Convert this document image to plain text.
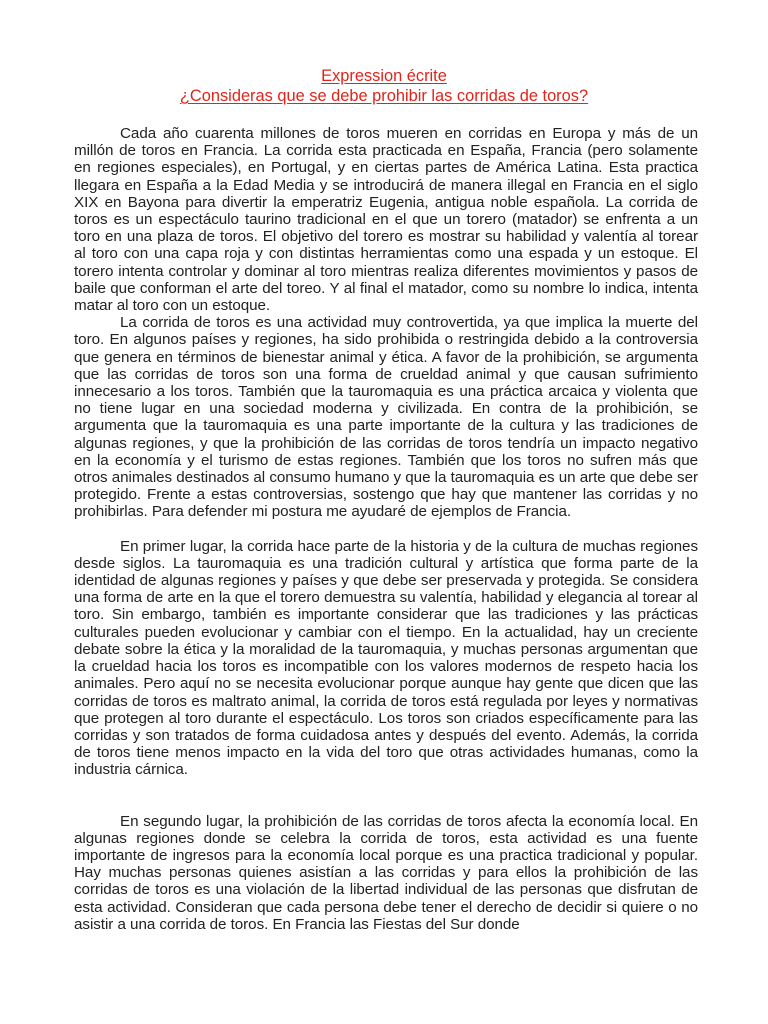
Expression écrite

¿Consideras que se debe prohibir las corridas de toros?

Cada año cuarenta millones de toros mueren en corridas en Europa y más de un millón de toros en Francia. La corrida esta practicada en España, Francia (pero solamente en regiones especiales), en Portugal, y en ciertas partes de América Latina. Esta practica llegara en España a la Edad Media y se introducirá de manera illegal en Francia en el siglo XIX en Bayona para divertir la emperatriz Eugenia, antigua noble española. La corrida de toros es un espectáculo taurino tradicional en el que un torero (matador) se enfrenta a un toro en una plaza de toros. El objetivo del torero es mostrar su habilidad y valentía al torear al toro con una capa roja y con distintas herramientas como una espada y un estoque. El torero intenta controlar y dominar al toro mientras realiza diferentes movimientos y pasos de baile que conforman el arte del toreo. Y al final el matador, como su nombre lo indica, intenta matar al toro con un estoque.

La corrida de toros es una actividad muy controvertida, ya que implica la muerte del toro. En algunos países y regiones, ha sido prohibida o restringida debido a la controversia que genera en términos de bienestar animal y ética. A favor de la prohibición, se argumenta que las corridas de toros son una forma de crueldad animal y que causan sufrimiento innecesario a los toros. También que la tauromaquia es una práctica arcaica y violenta que no tiene lugar en una sociedad moderna y civilizada. En contra de la prohibición, se argumenta que la tauromaquia es una parte importante de la cultura y las tradiciones de algunas regiones, y que la prohibición de las corridas de toros tendría un impacto negativo en la economía y el turismo de estas regiones. También que los toros no sufren más que otros animales destinados al consumo humano y que la tauromaquia es un arte que debe ser protegido. Frente a estas controversias, sostengo que hay que mantener las corridas y no prohibirlas. Para defender mi postura me ayudaré de ejemplos de Francia.

En primer lugar, la corrida hace parte de la historia y de la cultura de muchas regiones desde siglos. La tauromaquia es una tradición cultural y artística que forma parte de la identidad de algunas regiones y países y que debe ser preservada y protegida. Se considera una forma de arte en la que el torero demuestra su valentía, habilidad y elegancia al torear al toro. Sin embargo, también es importante considerar que las tradiciones y las prácticas culturales pueden evolucionar y cambiar con el tiempo. En la actualidad, hay un creciente debate sobre la ética y la moralidad de la tauromaquia, y muchas personas argumentan que la crueldad hacia los toros es incompatible con los valores modernos de respeto hacia los animales. Pero aquí no se necesita evolucionar porque aunque hay gente que dicen que las corridas de toros es maltrato animal, la corrida de toros está regulada por leyes y normativas que protegen al toro durante el espectáculo. Los toros son criados específicamente para las corridas y son tratados de forma cuidadosa antes y después del evento. Además, la corrida de toros tiene menos impacto en la vida del toro que otras actividades humanas, como la industria cárnica.

En segundo lugar, la prohibición de las corridas de toros afecta la economía local. En algunas regiones donde se celebra la corrida de toros, esta actividad es una fuente importante de ingresos para la economía local porque es una practica tradicional y popular. Hay muchas personas quienes asistían a las corridas y para ellos la prohibición de las corridas de toros es una violación de la libertad individual de las personas que disfrutan de esta actividad. Consideran que cada persona debe tener el derecho de decidir si quiere o no asistir a una corrida de toros. En Francia las Fiestas del Sur donde
